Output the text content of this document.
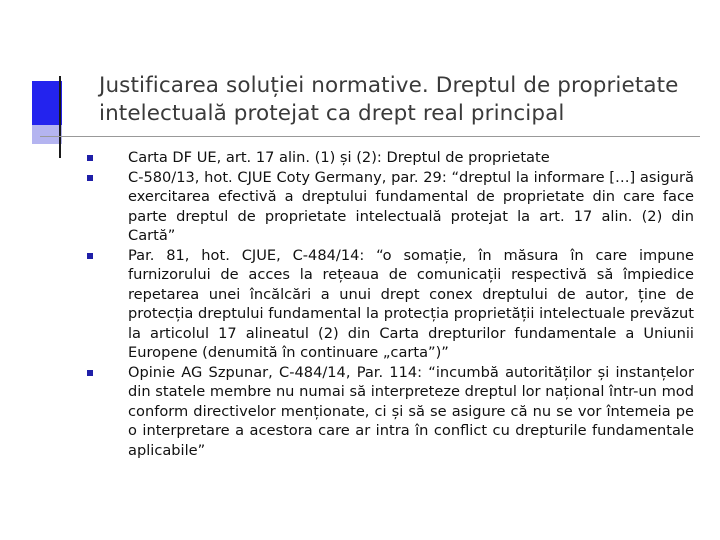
Justificarea soluției normative. Dreptul de proprietate intelectuală protejat ca drept real principal
Carta DF UE, art. 17 alin. (1) și (2): Dreptul de proprietate
C-580/13, hot. CJUE Coty Germany, par. 29: “dreptul la informare […] asigură exercitarea efectivă a dreptului fundamental de proprietate din care face parte dreptul de proprietate intelectuală protejat la art. 17 alin. (2) din Cartă”
Par. 81, hot. CJUE, C-484/14: “o somație, în măsura în care impune furnizorului de acces la rețeaua de comunicații respectivă să împiedice repetarea unei încălcări a unui drept conex dreptului de autor, ține de protecția dreptului fundamental la protecția proprietății intelectuale prevăzut la articolul 17 alineatul (2) din Carta drepturilor fundamentale a Uniunii Europene (denumită în continuare „carta”)”
Opinie AG Szpunar, C-484/14, Par. 114: “incumbă autorităților și instanțelor din statele membre nu numai să interpreteze dreptul lor național într-un mod conform directivelor menționate, ci și să se asigure că nu se vor întemeia pe o interpretare a acestora care ar intra în conflict cu drepturile fundamentale aplicabile”
